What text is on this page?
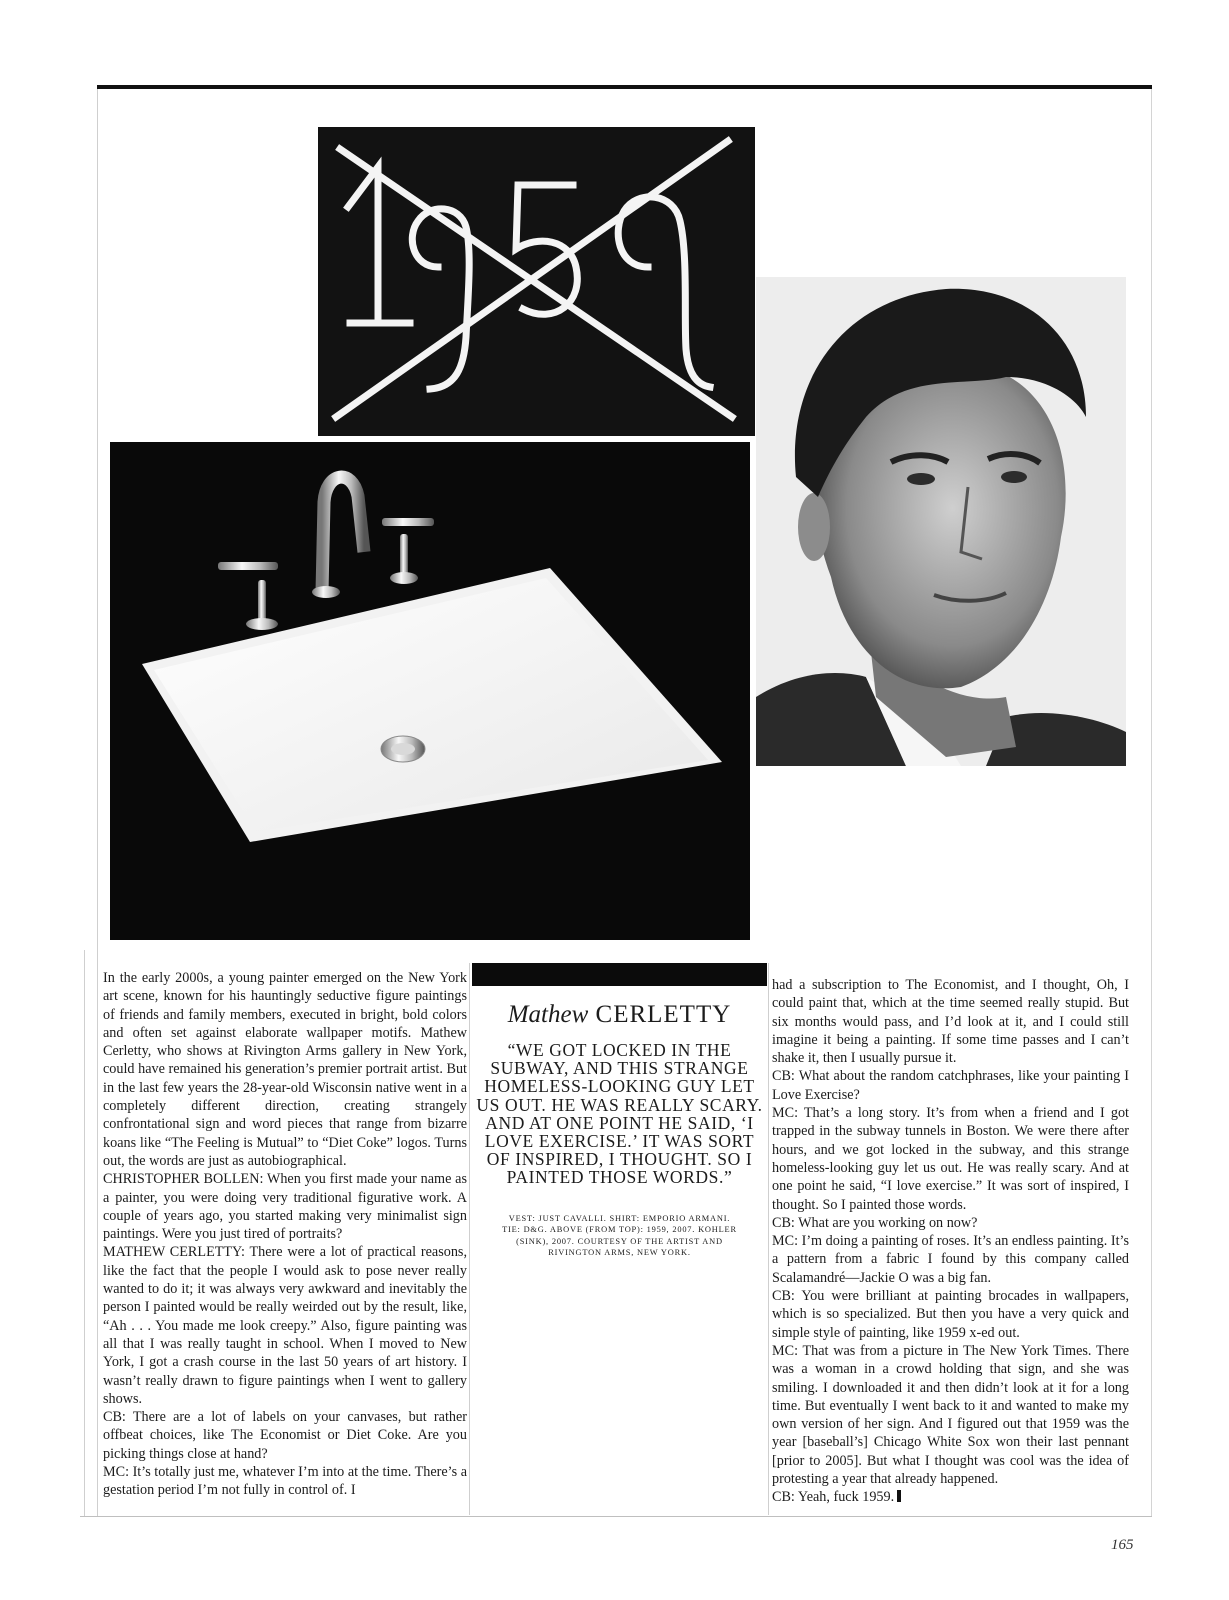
In the early 2000s, a young painter emerged on the New York art scene, known for his hauntingly seductive figure paintings of friends and family members, executed in bright, bold colors and often set against elaborate wallpaper motifs. Mathew Cerletty, who shows at Rivington Arms gallery in New York, could have remained his generation’s premier portrait artist. But in the last few years the 28-year-old Wisconsin native went in a completely different direction, creating strangely confrontational sign and word pieces that range from bizarre koans like “The Feeling is Mutual” to “Diet Coke” logos. Turns out, the words are just as autobiographical.

CHRISTOPHER BOLLEN: When you first made your name as a painter, you were doing very traditional figurative work. A couple of years ago, you started making very minimalist sign paintings. Were you just tired of portraits?

MATHEW CERLETTY: There were a lot of practical reasons, like the fact that the people I would ask to pose never really wanted to do it; it was always very awkward and inevitably the person I painted would be really weirded out by the result, like, “Ah . . . You made me look creepy.” Also, figure painting was all that I was really taught in school. When I moved to New York, I got a crash course in the last 50 years of art history. I wasn’t really drawn to figure paintings when I went to gallery shows.

CB: There are a lot of labels on your canvases, but rather offbeat choices, like The Economist or Diet Coke. Are you picking things close at hand?

MC: It’s totally just me, whatever I’m into at the time. There’s a gestation period I’m not fully in control of. I

Mathew CERLETTY
“WE GOT LOCKED IN THE SUBWAY, AND THIS STRANGE HOMELESS-LOOKING GUY LET US OUT. HE WAS REALLY SCARY. AND AT ONE POINT HE SAID, ‘I LOVE EXERCISE.’ IT WAS SORT OF INSPIRED, I THOUGHT. SO I PAINTED THOSE WORDS.”
VEST: JUST CAVALLI. SHIRT: EMPORIO ARMANI. TIE: D&G. ABOVE (FROM TOP): 1959, 2007. KOHLER (SINK), 2007. COURTESY OF THE ARTIST AND RIVINGTON ARMS, NEW YORK.

had a subscription to The Economist, and I thought, Oh, I could paint that, which at the time seemed really stupid. But six months would pass, and I’d look at it, and I could still imagine it being a painting. If some time passes and I can’t shake it, then I usually pursue it.

CB: What about the random catchphrases, like your painting I Love Exercise?

MC: That’s a long story. It’s from when a friend and I got trapped in the subway tunnels in Boston. We were there after hours, and we got locked in the subway, and this strange homeless-looking guy let us out. He was really scary. And at one point he said, “I love exercise.” It was sort of inspired, I thought. So I painted those words.

CB: What are you working on now?

MC: I’m doing a painting of roses. It’s an endless painting. It’s a pattern from a fabric I found by this company called Scalamandré—Jackie O was a big fan.

CB: You were brilliant at painting brocades in wallpapers, which is so specialized. But then you have a very quick and simple style of painting, like 1959 x-ed out.

MC: That was from a picture in The New York Times. There was a woman in a crowd holding that sign, and she was smiling. I downloaded it and then didn’t look at it for a long time. But eventually I went back to it and wanted to make my own version of her sign. And I figured out that 1959 was the year [baseball’s] Chicago White Sox won their last pennant [prior to 2005]. But what I thought was cool was the idea of protesting a year that already happened.

CB: Yeah, fuck 1959.

165
